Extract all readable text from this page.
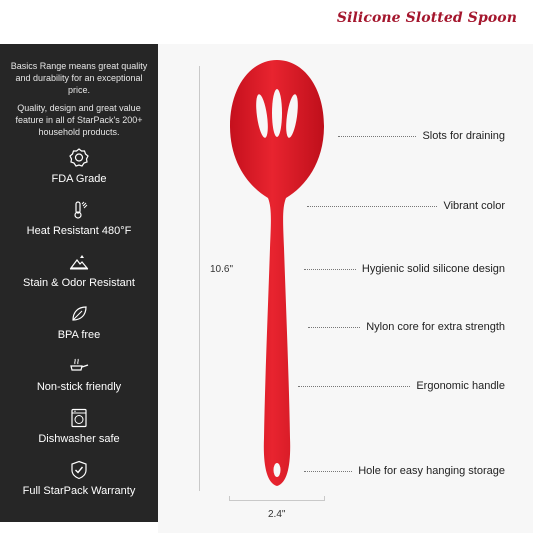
Silicone Slotted Spoon

Basics Range means great quality and durability for an exceptional price.

Quality, design and great value feature in all of StarPack's 200+ household products.

FDA Grade
Heat Resistant 480°F
Stain & Odor Resistant
BPA free
Non-stick friendly
Dishwasher safe
Full StarPack Warranty
10.6"
2.4"
Slots for draining
Vibrant color
Hygienic solid silicone design
Nylon core for extra strength
Ergonomic handle
Hole for easy hanging storage
